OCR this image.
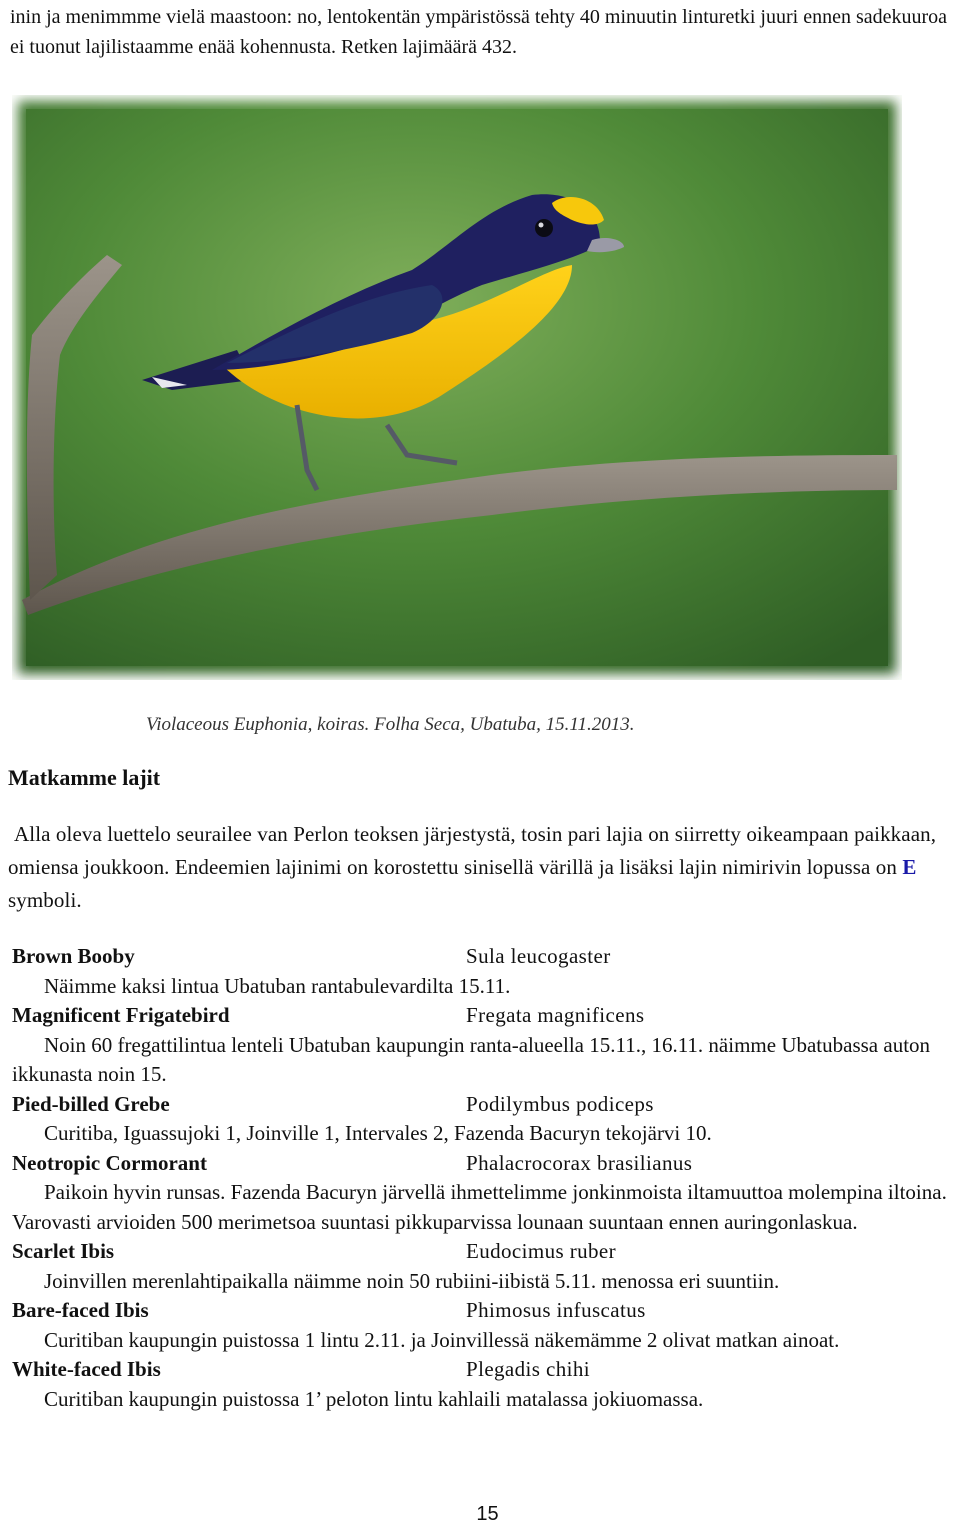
inin ja menimmme vielä maastoon: no, lentokentän ympäristössä tehty 40 minuutin linturetki juuri ennen sadekuuroa ei tuonut lajilistaamme enää kohennusta. Retken lajimäärä 432.
Violaceous Euphonia, koiras. Folha Seca, Ubatuba, 15.11.2013.
Matkamme lajit
Alla oleva luettelo seurailee van Perlon teoksen järjestystä, tosin pari lajia on siirretty oikeampaan paikkaan, omiensa joukkoon. Endeemien lajinimi on korostettu sinisellä värillä ja lisäksi lajin nimirivin lopussa on E symboli.
Brown Booby	Sula leucogaster
Näimme kaksi lintua Ubatuban rantabulevardilta 15.11.
Magnificent Frigatebird	Fregata magnificens
Noin 60 fregattilintua lenteli Ubatuban kaupungin ranta-alueella 15.11., 16.11. näimme Ubatubassa auton ikkunasta noin 15.
Pied-billed Grebe	Podilymbus podiceps
Curitiba, Iguassujoki 1, Joinville 1, Intervales 2, Fazenda Bacuryn tekojärvi 10.
Neotropic Cormorant	Phalacrocorax brasilianus
Paikoin hyvin runsas. Fazenda Bacuryn järvellä ihmettelimme jonkinmoista iltamuuttoa molempina iltoina. Varovasti arvioiden 500 merimetsoa suuntasi pikkuparvissa lounaan suuntaan ennen auringonlaskua.
Scarlet Ibis	Eudocimus ruber
Joinvillen merenlahtipaikalla näimme noin 50 rubiini-iibistä 5.11. menossa eri suuntiin.
Bare-faced Ibis	Phimosus infuscatus
Curitiban kaupungin puistossa 1 lintu 2.11. ja Joinvillessä näkemämme 2 olivat matkan ainoat.
White-faced Ibis	Plegadis chihi
Curitiban kaupungin puistossa 1’ peloton lintu kahlaili matalassa jokiuomassa.
15
